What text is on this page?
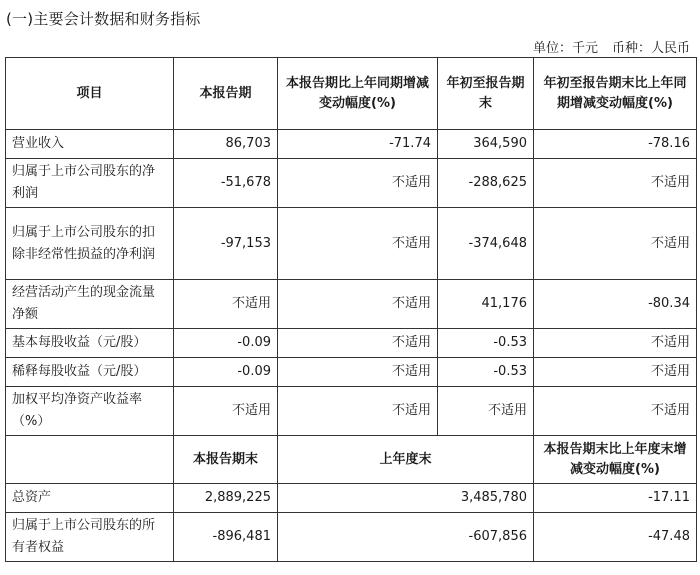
(一)主要会计数据和财务指标
单位：千元 币种：人民币
项目	本报告期	本报告期比上年同期增减变动幅度(%)	年初至报告期末	年初至报告期末比上年同期增减变动幅度(%)
营业收入	86,703	-71.74	364,590	-78.16
归属于上市公司股东的净利润	-51,678	不适用	-288,625	不适用
归属于上市公司股东的扣除非经常性损益的净利润	-97,153	不适用	-374,648	不适用
经营活动产生的现金流量净额	不适用	不适用	41,176	-80.34
基本每股收益（元/股）	-0.09	不适用	-0.53	不适用
稀释每股收益（元/股）	-0.09	不适用	-0.53	不适用
加权平均净资产收益率（%）	不适用	不适用	不适用	不适用
	本报告期末	上年度末		本报告期末比上年度末增减变动幅度(%)
总资产	2,889,225	3,485,780		-17.11
归属于上市公司股东的所有者权益	-896,481	-607,856		-47.48
